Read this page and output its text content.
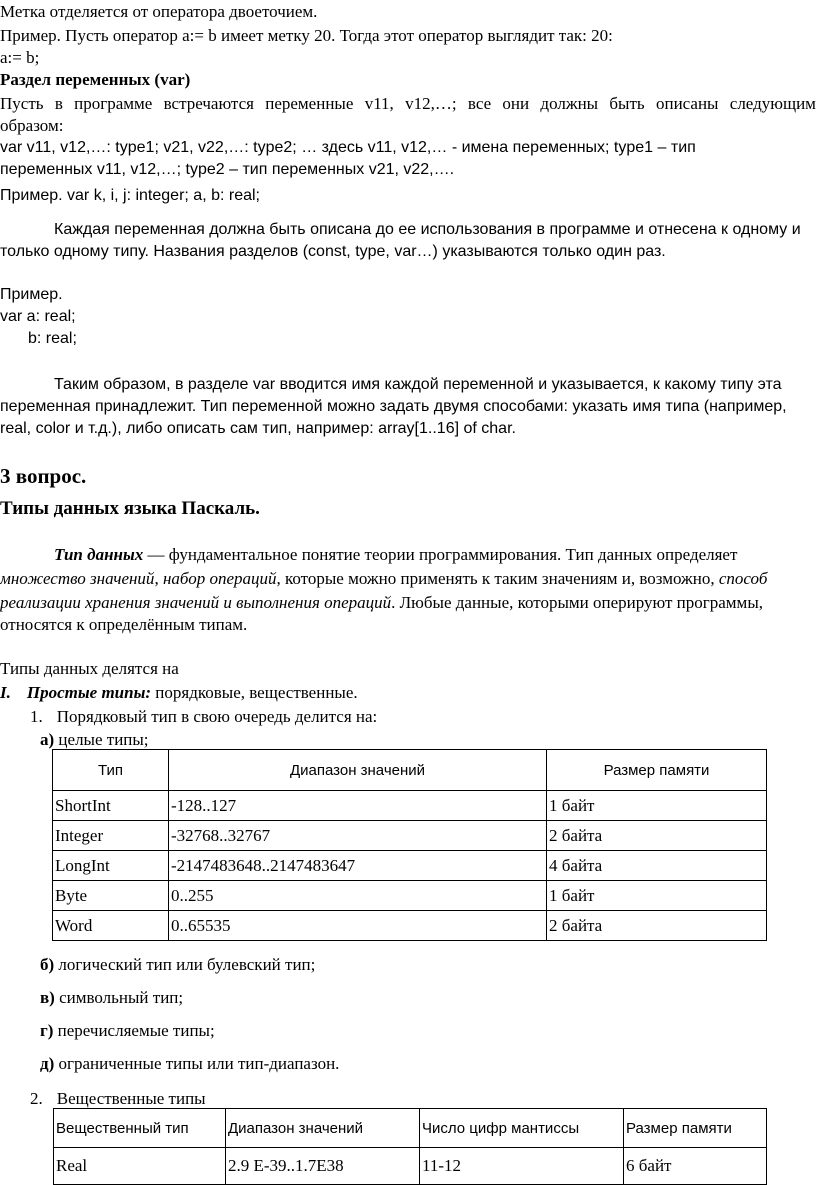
Метка отделяется от оператора двоеточием.
Пример. Пусть оператор a:= b имеет метку 20. Тогда этот оператор выглядит так: 20:
a:= b;
Раздел переменных (var)
Пусть в программе встречаются переменные v11, v12,…; все они должны быть описаны следующим
образом:
var v11, v12,…: type1; v21, v22,…: type2; … здесь v11, v12,… - имена переменных; type1 – тип
переменных v11, v12,…; type2 – тип переменных v21, v22,….
Пример. var k, i, j: integer; a, b: real;
Каждая переменная должна быть описана до ее использования в программе и отнесена к одному и
только одному типу. Названия разделов (const, type, var…) указываются только один раз.
Пример.
var a: real;
b: real;
Таким образом, в разделе var вводится имя каждой переменной и указывается, к какому типу эта
переменная принадлежит. Тип переменной можно задать двумя способами: указать имя типа (например,
real, color и т.д.), либо описать сам тип, например: array[1..16] of char.
3 вопрос.
Типы данных языка Паскаль.
Тип данных — фундаментальное понятие теории программирования. Тип данных определяет
множество значений, набор операций, которые можно применять к таким значениям и, возможно, способ
реализации хранения значений и выполнения операций. Любые данные, которыми оперируют программы,
относятся к определённым типам.
Типы данных делятся на
I. Простые типы: порядковые, вещественные.
1. Порядковый тип в свою очередь делится на:
а) целые типы;
Тип	Диапазон значений	Размер памяти
ShortInt	-128..127	1 байт
Integer	-32768..32767	2 байта
LongInt	-2147483648..2147483647	4 байта
Byte	0..255	1 байт
Word	0..65535	2 байта
б) логический тип или булевский тип;
в) символьный тип;
г) перечисляемые типы;
д) ограниченные типы или тип-диапазон.
2. Вещественные типы
Вещественный тип	Диапазон значений	Число цифр мантиссы	Размер памяти
Real	2.9 E-39..1.7E38	11-12	6 байт
